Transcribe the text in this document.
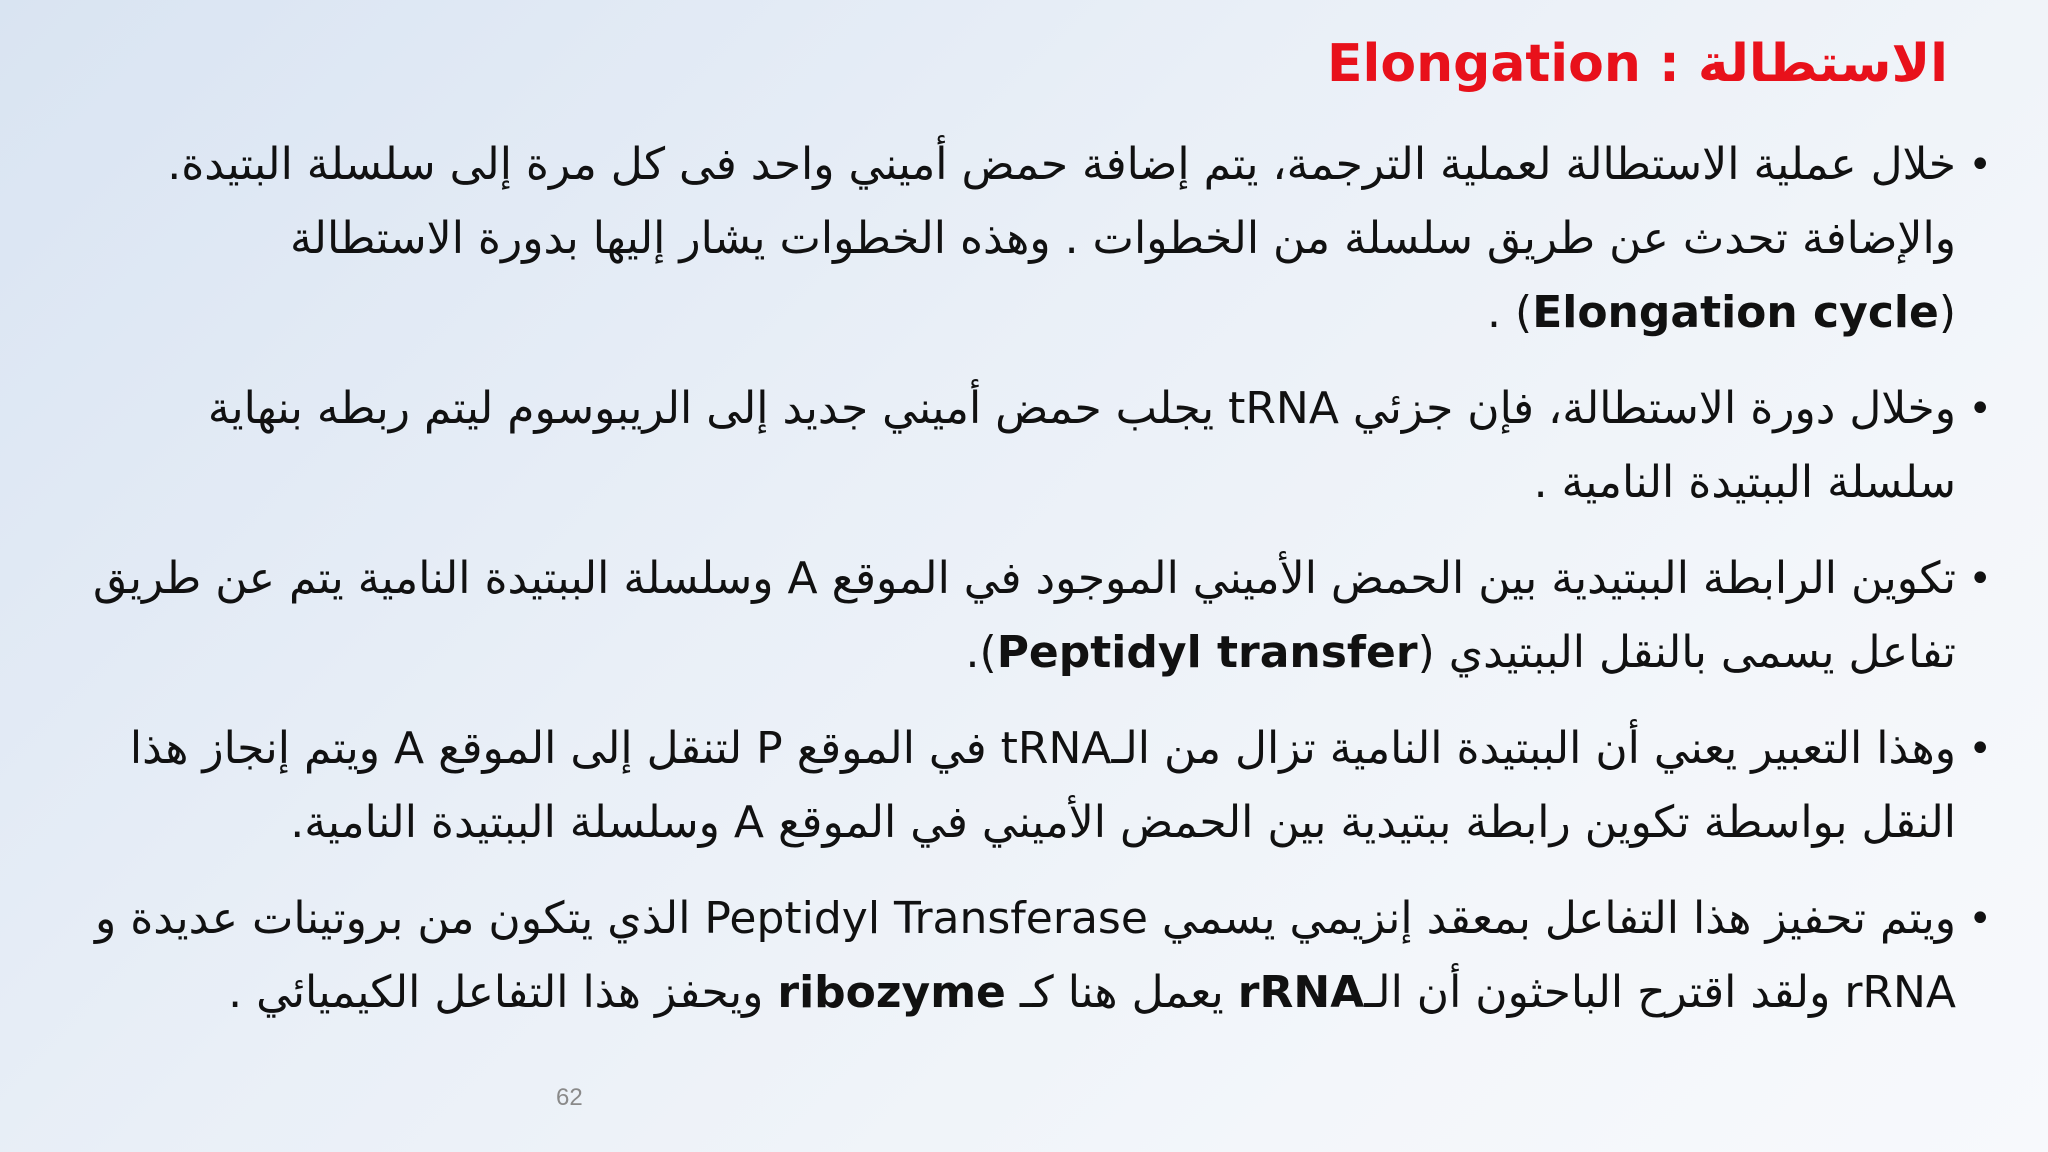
الاستطالة : Elongation
•
خلال عملية الاستطالة لعملية الترجمة، يتم إضافة حمض أميني واحد فى كل مرة إلى سلسلة البتيدة. والإضافة تحدث عن طريق سلسلة من الخطوات . وهذه الخطوات يشار إليها بدورة الاستطالة (Elongation cycle) .
•
وخلال دورة الاستطالة، فإن جزئي tRNA يجلب حمض أميني جديد إلى الريبوسوم ليتم ربطه بنهاية سلسلة الببتيدة النامية .
•
تكوين الرابطة الببتيدية بين الحمض الأميني الموجود في الموقع A وسلسلة الببتيدة النامية يتم عن طريق تفاعل يسمى بالنقل الببتيدي (Peptidyl transfer).
•
وهذا التعبير يعني أن الببتيدة النامية تزال من الـtRNA في الموقع P لتنقل إلى الموقع A ويتم إنجاز هذا النقل بواسطة تكوين رابطة ببتيدية بين الحمض الأميني في الموقع A وسلسلة الببتيدة النامية.
•
ويتم تحفيز هذا التفاعل بمعقد إنزيمي يسمي Peptidyl Transferase الذي يتكون من بروتينات عديدة و rRNA ولقد اقترح الباحثون أن الـrRNA يعمل هنا كـ ribozyme ويحفز هذا التفاعل الكيميائي .
62
